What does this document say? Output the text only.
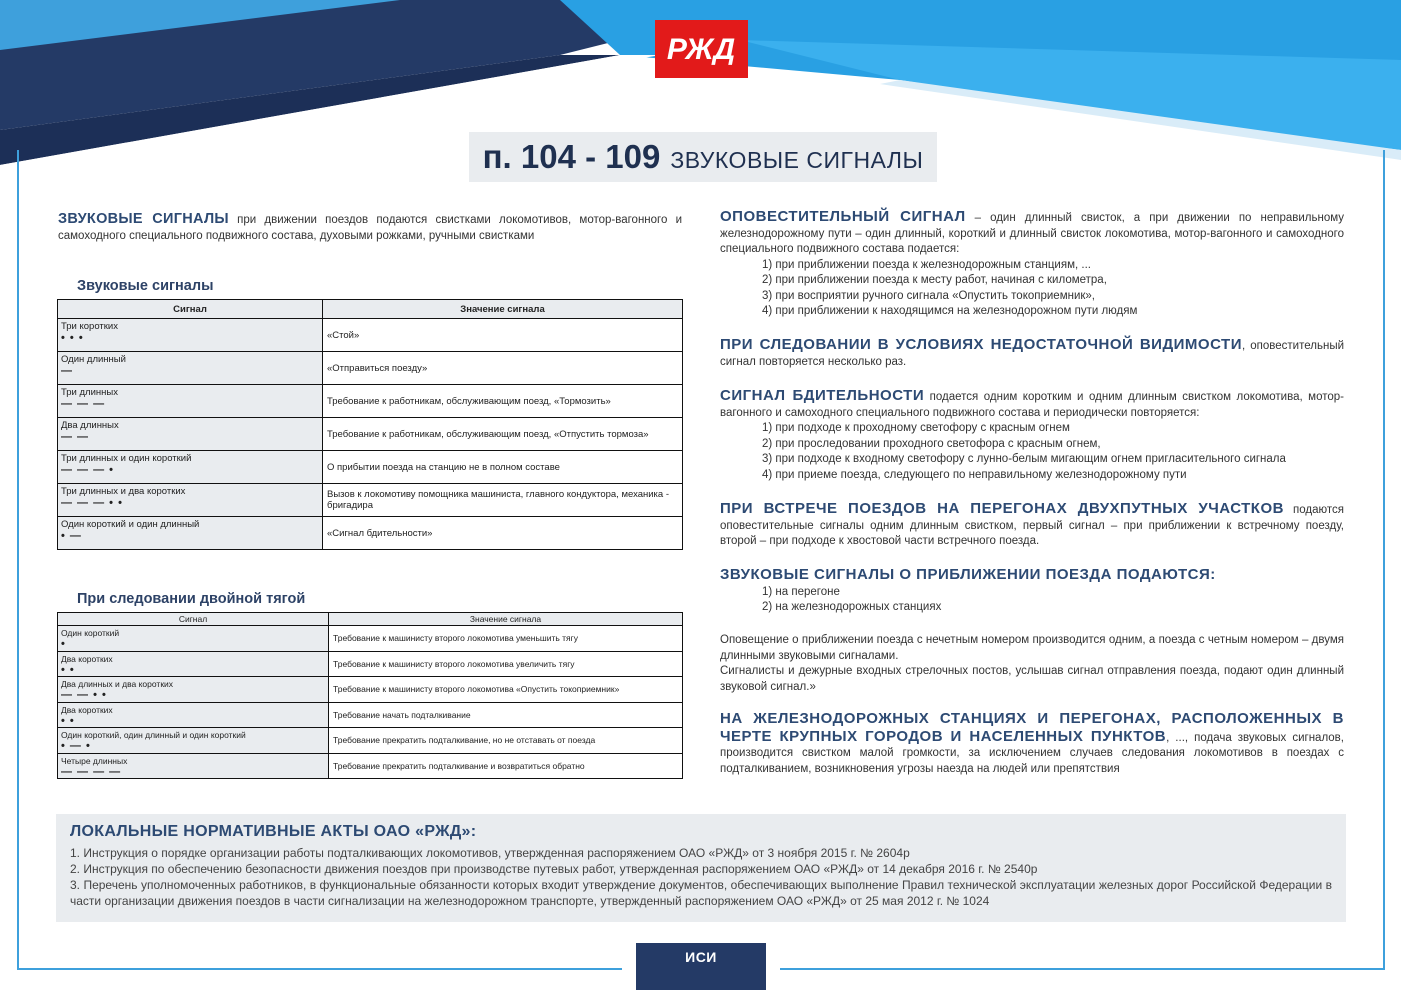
РЖД
п. 104 - 109 ЗВУКОВЫЕ СИГНАЛЫ
ЗВУКОВЫЕ СИГНАЛЫ при движении поездов подаются свистками локомотивов, мотор-вагонного и самоходного специального подвижного состава, духовыми рожками, ручными свистками
Звуковые сигналы
Сигнал	Значение сигнала

Три коротких
• • •	«Стой»

Один длинный
—	«Отправиться поезду»

Три длинных
— — —	Требование к работникам, обслуживающим поезд, «Тормозить»

Два длинных
— —	Требование к работникам, обслуживающим поезд, «Отпустить тормоза»

Три длинных и один короткий
— — — •	О прибытии поезда на станцию не в полном составе

Три длинных и два коротких
— — — • •	Вызов к локомотиву помощника машиниста, главного кондуктора, механика - бригадира

Один короткий и один длинный
• —	«Сигнал бдительности»
При следовании двойной тягой
Сигнал	Значение сигнала

Один короткий
•	Требование к машинисту второго локомотива уменьшить тягу

Два коротких
• •	Требование к машинисту второго локомотива увеличить тягу

Два длинных и два коротких
— — • •	Требование к машинисту второго локомотива «Опустить токоприемник»

Два коротких
• •	Требование начать подталкивание

Один короткий, один длинный и один короткий
• — •	Требование прекратить подталкивание, но не отставать от поезда

Четыре длинных
— — — —	Требование прекратить подталкивание и возвратиться обратно
ОПОВЕСТИТЕЛЬНЫЙ СИГНАЛ – один длинный свисток, а при движении по неправильному железнодорожному пути – один длинный, короткий и длинный свисток локомотива, мотор-вагонного и самоходного специального подвижного состава подается:
1) при приближении поезда к железнодорожным станциям, ...
2) при приближении поезда к месту работ, начиная с километра,
3) при восприятии ручного сигнала «Опустить токоприемник»,
4) при приближении к находящимся на железнодорожном пути людям
ПРИ СЛЕДОВАНИИ В УСЛОВИЯХ НЕДОСТАТОЧНОЙ ВИДИМОСТИ, оповестительный сигнал повторяется несколько раз.
СИГНАЛ БДИТЕЛЬНОСТИ подается одним коротким и одним длинным свистком локомотива, мотор-вагонного и самоходного специального подвижного состава и периодически повторяется:
1) при подходе к проходному светофору с красным огнем
2) при проследовании проходного светофора с красным огнем,
3) при подходе к входному светофору с лунно-белым мигающим огнем пригласительного сигнала
4) при приеме поезда, следующего по неправильному железнодорожному пути
ПРИ ВСТРЕЧЕ ПОЕЗДОВ НА ПЕРЕГОНАХ ДВУХПУТНЫХ УЧАСТКОВ подаются оповестительные сигналы одним длинным свистком, первый сигнал – при приближении к встречному поезду, второй – при подходе к хвостовой части встречного поезда.
ЗВУКОВЫЕ СИГНАЛЫ О ПРИБЛИЖЕНИИ ПОЕЗДА ПОДАЮТСЯ:
1) на перегоне
2) на железнодорожных станциях
Оповещение о приближении поезда с нечетным номером производится одним, а поезда с четным номером – двумя длинными звуковыми сигналами.
Сигналисты и дежурные входных стрелочных постов, услышав сигнал отправления поезда, подают один длинный звуковой сигнал.»
НА ЖЕЛЕЗНОДОРОЖНЫХ СТАНЦИЯХ И ПЕРЕГОНАХ, РАСПОЛОЖЕННЫХ В ЧЕРТЕ КРУПНЫХ ГОРОДОВ И НАСЕЛЕННЫХ ПУНКТОВ, ..., подача звуковых сигналов, производится свистком малой громкости, за исключением случаев следования локомотивов в поездах с подталкиванием, возникновения угрозы наезда на людей или препятствия
ЛОКАЛЬНЫЕ НОРМАТИВНЫЕ АКТЫ ОАО «РЖД»:

1. Инструкция о порядке организации работы подталкивающих локомотивов, утвержденная распоряжением ОАО «РЖД» от 3 ноября 2015 г. № 2604р

2. Инструкция по обеспечению безопасности движения поездов при производстве путевых работ, утвержденная распоряжением ОАО «РЖД» от 14 декабря 2016 г. № 2540р

3. Перечень уполномоченных работников, в функциональные обязанности которых входит утверждение документов, обеспечивающих выполнение Правил технической эксплуатации железных дорог Российской Федерации в части организации движения поездов в части сигнализации на железнодорожном транспорте, утвержденный распоряжением ОАО «РЖД» от 25 мая 2012 г. № 1024

ИСИ
